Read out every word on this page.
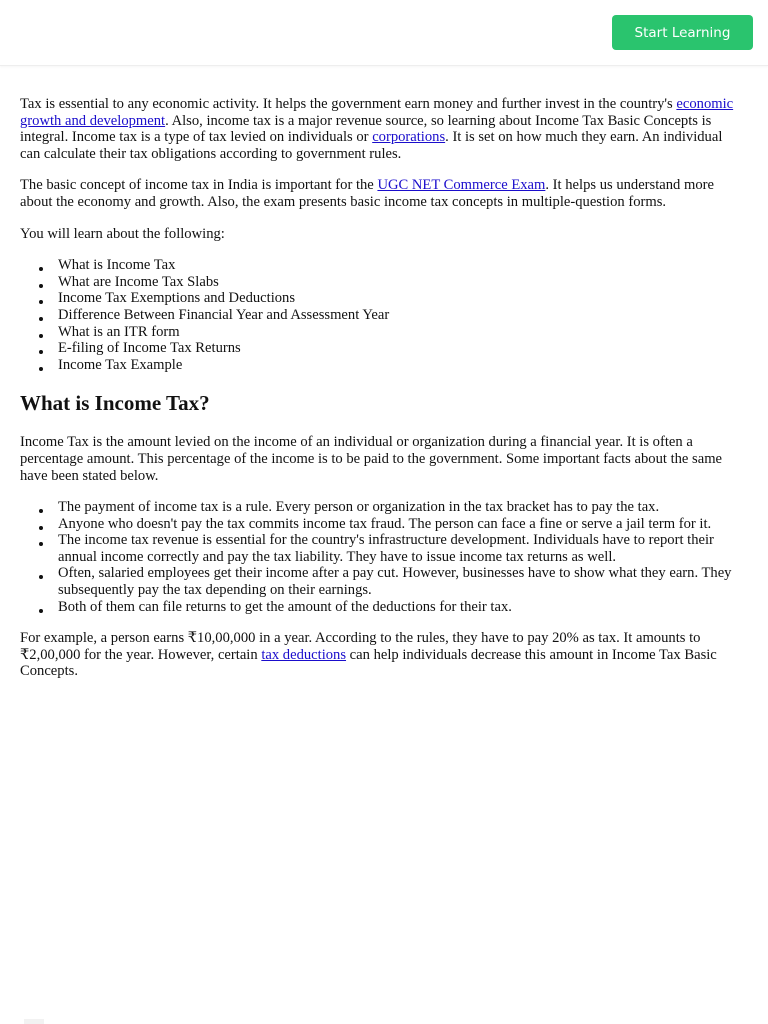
Start Learning

Tax is essential to any economic activity. It helps the government earn money and further invest in the country's economic growth and development. Also, income tax is a major revenue source, so learning about Income Tax Basic Concepts is integral. Income tax is a type of tax levied on individuals or corporations. It is set on how much they earn. An individual can calculate their tax obligations according to government rules.

The basic concept of income tax in India is important for the UGC NET Commerce Exam. It helps us understand more about the economy and growth. Also, the exam presents basic income tax concepts in multiple-question forms.

You will learn about the following:

What is Income Tax
What are Income Tax Slabs
Income Tax Exemptions and Deductions
Difference Between Financial Year and Assessment Year
What is an ITR form
E-filing of Income Tax Returns
Income Tax Example
What is Income Tax?

Income Tax is the amount levied on the income of an individual or organization during a financial year. It is often a percentage amount. This percentage of the income is to be paid to the government. Some important facts about the same have been stated below.

The payment of income tax is a rule. Every person or organization in the tax bracket has to pay the tax.
Anyone who doesn't pay the tax commits income tax fraud. The person can face a fine or serve a jail term for it.
The income tax revenue is essential for the country's infrastructure development. Individuals have to report their annual income correctly and pay the tax liability. They have to issue income tax returns as well.
Often, salaried employees get their income after a pay cut. However, businesses have to show what they earn. They subsequently pay the tax depending on their earnings.
Both of them can file returns to get the amount of the deductions for their tax.

For example, a person earns ₹10,00,000 in a year. According to the rules, they have to pay 20% as tax. It amounts to ₹2,00,000 for the year. However, certain tax deductions can help individuals decrease this amount in Income Tax Basic Concepts.
